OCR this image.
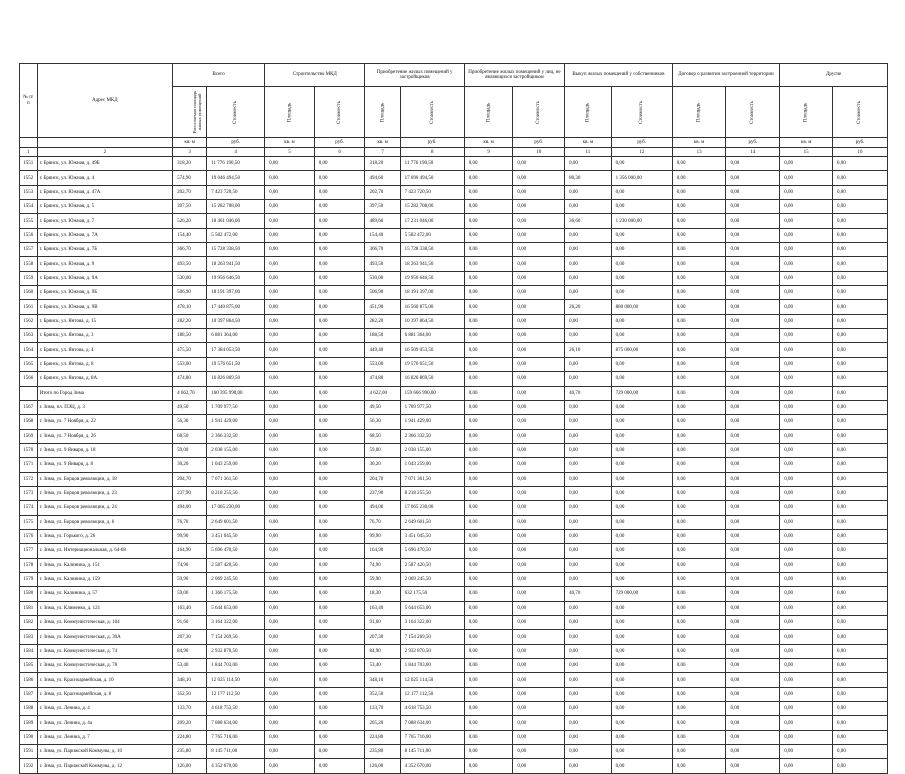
№ п/п	Адрес МКД	Всего		Строительство МКД		Приобретение жилых помещений у застройщиков		Приобретение жилых помещений у лиц, не являющихся застройщиком		Выкуп жилых помещений у собственников		Договор о развитии застроенной территории		Другие	
		Расселяемая площадь жилых помещений	Стоимость	Площадь	Стоимость	Площадь	Стоимость	Площадь	Стоимость	Площадь	Стоимость	Площадь	Стоимость	Площадь	Стоимость
		кв. м	руб.	кв. м	руб.	кв. м	руб.	кв. м	руб.	кв. м	руб.	кв. м	руб.	кв. м	руб.
1	2	3	4	5	6	7	8	9	10	11	12	13	14	15	16
1551	г. Брянск, ул. Южная, д. 49Б	318,20	11 776 190,50	0,00	0,00	318,20	11 776 190,50	0,00	0,00	0,00	0,00	0,00	0,00	0,00	0,00
1552	г. Брянск, ул. Южная, д. 4	574,90	19 046 494,50	0,00	0,00	494,60	17 690 494,50	0,00	0,00	80,30	1 356 000,00	0,00	0,00	0,00	0,00
1553	г. Брянск, ул. Южная, д. 47А	202,70	7 423 720,50	0,00	0,00	202,70	7 423 720,50	0,00	0,00	0,00	0,00	0,00	0,00	0,00	0,00
1554	г. Брянск, ул. Южная, д. 5	397,50	15 282 708,00	0,00	0,00	397,50	15 282 708,00	0,00	0,00	0,00	0,00	0,00	0,00	0,00	0,00
1555	г. Брянск, ул. Южная, д. 7	526,20	18 461 046,00	0,00	0,00	489,60	17 231 046,00	0,00	0,00	36,60	1 230 000,00	0,00	0,00	0,00	0,00
1556	г. Брянск, ул. Южная, д. 7А	154,40	5 582 472,00	0,00	0,00	154,40	5 582 472,00	0,00	0,00	0,00	0,00	0,00	0,00	0,00	0,00
1557	г. Брянск, ул. Южная, д. 7Б	366,70	15 728 338,50	0,00	0,00	366,70	15 728 338,50	0,00	0,00	0,00	0,00	0,00	0,00	0,00	0,00
1558	г. Брянск, ул. Южная, д. 9	493,50	18 263 941,50	0,00	0,00	493,50	18 263 941,50	0,00	0,00	0,00	0,00	0,00	0,00	0,00	0,00
1559	г. Брянск, ул. Южная, д. 9А	530,00	19 956 646,50	0,00	0,00	530,00	19 956 646,50	0,00	0,00	0,00	0,00	0,00	0,00	0,00	0,00
1560	г. Брянск, ул. Южная, д. 9Б	506,90	18 191 397,00	0,00	0,00	506,90	18 191 397,00	0,00	0,00	0,00	0,00	0,00	0,00	0,00	0,00
1561	г. Брянск, ул. Южная, д. 9В	478,10	17 440 875,00	0,00	0,00	451,90	16 560 875,00	0,00	0,00	26,20	880 000,00	0,00	0,00	0,00	0,00
1562	г. Брянск, ул. Янтова, д. 15	282,20	10 397 864,50	0,00	0,00	282,20	10 397 864,50	0,00	0,00	0,00	0,00	0,00	0,00	0,00	0,00
1563	г. Брянск, ул. Янтова, д. 3	188,50	6 881 364,00	0,00	0,00	188,50	6 881 364,00	0,00	0,00	0,00	0,00	0,00	0,00	0,00	0,00
1564	г. Брянск, ул. Янтова, д. 4	475,50	17 384 053,50	0,00	0,00	449,40	16 509 053,50	0,00	0,00	26,10	875 000,00	0,00	0,00	0,00	0,00
1565	г. Брянск, ул. Янтова, д. 8	553,00	19 576 651,50	0,00	0,00	553,00	19 576 651,50	0,00	0,00	0,00	0,00	0,00	0,00	0,00	0,00
1566	г. Брянск, ул. Янтова, д. 8А	474,80	16 826 869,50	0,00	0,00	474,80	16 826 869,50	0,00	0,00	0,00	0,00	0,00	0,00	0,00	0,00
	Итого по Город Зима	4 662,70	160 395 990,00	0,00	0,00	4 622,00	159 666 990,00	0,00	0,00	40,70	729 000,00	0,00	0,00	0,00	0,00
1567	г. Зима, пл. ПЭЦ, д. 3	49,50	1 709 977,50	0,00	0,00	49,50	1 709 977,50	0,00	0,00	0,00	0,00	0,00	0,00	0,00	0,00
1568	г. Зима, ул. 7 Ноября, д. 22	56,30	1 941 429,00	0,00	0,00	56,30	1 941 429,00	0,00	0,00	0,00	0,00	0,00	0,00	0,00	0,00
1569	г. Зима, ул. 7 Ноября, д. 26	68,50	2 366 332,50	0,00	0,00	68,50	2 366 332,50	0,00	0,00	0,00	0,00	0,00	0,00	0,00	0,00
1570	г. Зима, ул. 9 Января, д. 18	59,00	2 038 155,00	0,00	0,00	59,00	2 038 155,00	0,00	0,00	0,00	0,00	0,00	0,00	0,00	0,00
1571	г. Зима, ул. 9 Января, д. 8	30,20	1 043 259,00	0,00	0,00	30,20	1 043 259,00	0,00	0,00	0,00	0,00	0,00	0,00	0,00	0,00
1572	г. Зима, ул. Борцов революции, д. 18	204,70	7 071 361,50	0,00	0,00	204,70	7 071 361,50	0,00	0,00	0,00	0,00	0,00	0,00	0,00	0,00
1573	г. Зима, ул. Борцов революции, д. 23	237,90	8 218 255,50	0,00	0,00	237,90	8 218 255,50	0,00	0,00	0,00	0,00	0,00	0,00	0,00	0,00
1574	г. Зима, ул. Борцов революции, д. 24	494,00	17 065 230,00	0,00	0,00	494,00	17 065 230,00	0,00	0,00	0,00	0,00	0,00	0,00	0,00	0,00
1575	г. Зима, ул. Борцов революции, д. 6	76,70	2 649 601,50	0,00	0,00	76,70	2 649 601,50	0,00	0,00	0,00	0,00	0,00	0,00	0,00	0,00
1576	г. Зима, ул. Горького, д. 26	99,90	3 451 045,50	0,00	0,00	99,90	3 451 045,50	0,00	0,00	0,00	0,00	0,00	0,00	0,00	0,00
1577	г. Зима, ул. Интернациональная, д. 64-68	164,90	5 696 470,50	0,00	0,00	164,90	5 696 470,50	0,00	0,00	0,00	0,00	0,00	0,00	0,00	0,00
1578	г. Зима, ул. Калинина, д. 151	74,90	2 587 420,50	0,00	0,00	74,90	2 587 420,50	0,00	0,00	0,00	0,00	0,00	0,00	0,00	0,00
1579	г. Зима, ул. Калинина, д. 159	59,90	2 069 245,50	0,00	0,00	59,90	2 069 245,50	0,00	0,00	0,00	0,00	0,00	0,00	0,00	0,00
1580	г. Зима, ул. Калинина, д. 57	59,00	1 366 175,50	0,00	0,00	18,30	632 175,50	0,00	0,00	40,70	729 000,00	0,00	0,00	0,00	0,00
1581	г. Зима, ул. Клименко, д. 121	163,40	5 644 653,00	0,00	0,00	163,40	5 644 653,00	0,00	0,00	0,00	0,00	0,00	0,00	0,00	0,00
1582	г. Зима, ул. Коммунистическая, д. 104	91,60	3 164 322,00	0,00	0,00	91,60	3 164 322,00	0,00	0,00	0,00	0,00	0,00	0,00	0,00	0,00
1583	г. Зима, ул. Коммунистическая, д. 30А	207,30	7 154 269,50	0,00	0,00	207,30	7 154 269,50	0,00	0,00	0,00	0,00	0,00	0,00	0,00	0,00
1584	г. Зима, ул. Коммунистическая, д. 74	84,90	2 932 870,50	0,00	0,00	84,90	2 932 870,50	0,00	0,00	0,00	0,00	0,00	0,00	0,00	0,00
1585	г. Зима, ул. Коммунистическая, д. 78	53,40	1 844 703,00	0,00	0,00	53,40	1 844 703,00	0,00	0,00	0,00	0,00	0,00	0,00	0,00	0,00
1586	г. Зима, ул. Красноармейская, д. 10	348,10	12 025 114,50	0,00	0,00	348,10	12 025 114,50	0,00	0,00	0,00	0,00	0,00	0,00	0,00	0,00
1587	г. Зима, ул. Красноармейская, д. 8	352,50	12 177 112,50	0,00	0,00	352,50	12 177 112,50	0,00	0,00	0,00	0,00	0,00	0,00	0,00	0,00
1588	г. Зима, ул. Ленина, д. 4	133,70	4 618 753,50	0,00	0,00	133,70	4 618 753,50	0,00	0,00	0,00	0,00	0,00	0,00	0,00	0,00
1589	г. Зима, ул. Ленина, д. 4а	209,20	7 088 634,00	0,00	0,00	205,20	7 088 634,00	0,00	0,00	0,00	0,00	0,00	0,00	0,00	0,00
1590	г. Зима, ул. Ленина, д. 7	224,80	7 765 716,00	0,00	0,00	224,80	7 765 716,00	0,00	0,00	0,00	0,00	0,00	0,00	0,00	0,00
1591	г. Зима, ул. Парижской Коммуны, д. 10	235,80	8 145 711,00	0,00	0,00	235,80	8 145 711,00	0,00	0,00	0,00	0,00	0,00	0,00	0,00	0,00
1592	г. Зима, ул. Парижской Коммуны, д. 12	126,00	4 352 670,00	0,00	0,00	126,00	4 352 670,00	0,00	0,00	0,00	0,00	0,00	0,00	0,00	0,00
